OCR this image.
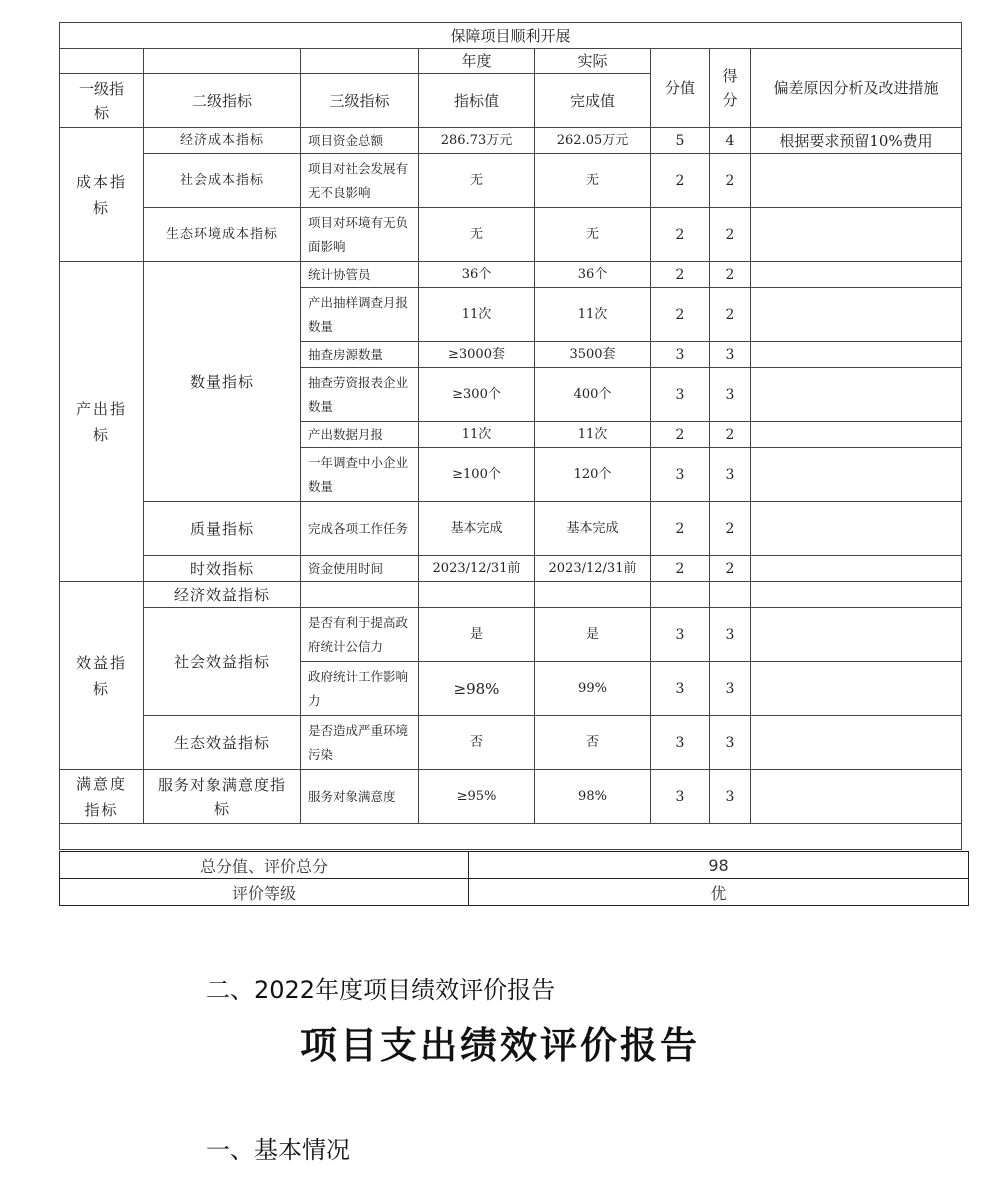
保障项目顺利开展							
			年度	实际	分值	得分	偏差原因分析及改进措施
一级指标	二级指标	三级指标	指标值	完成值			
成本指标	经济成本指标	项目资金总额	286.73万元	262.05万元	5	4	根据要求预留10%费用
	社会成本指标	项目对社会发展有无不良影响	无	无	2	2	
	生态环境成本指标	项目对环境有无负面影响	无	无	2	2	
产出指标	数量指标	统计协管员	36个	36个	2	2	
		产出抽样调查月报数量	11次	11次	2	2	
		抽查房源数量	≥3000套	3500套	3	3	
		抽查劳资报表企业数量	≥300个	400个	3	3	
		产出数据月报	11次	11次	2	2	
		一年调查中小企业数量	≥100个	120个	3	3	
	质量指标	完成各项工作任务	基本完成	基本完成	2	2	
	时效指标	资金使用时间	2023/12/31前	2023/12/31前	2	2	
效益指标	经济效益指标						
	社会效益指标	是否有利于提高政府统计公信力	是	是	3	3	
		政府统计工作影响力	≥98%	99%	3	3	
	生态效益指标	是否造成严重环境污染	否	否	3	3	
满意度指标	服务对象满意度指标	服务对象满意度	≥95%	98%	3	3	

总分值、评价总分	98
评价等级	优
二、2022年度项目绩效评价报告
项目支出绩效评价报告
一、基本情况
